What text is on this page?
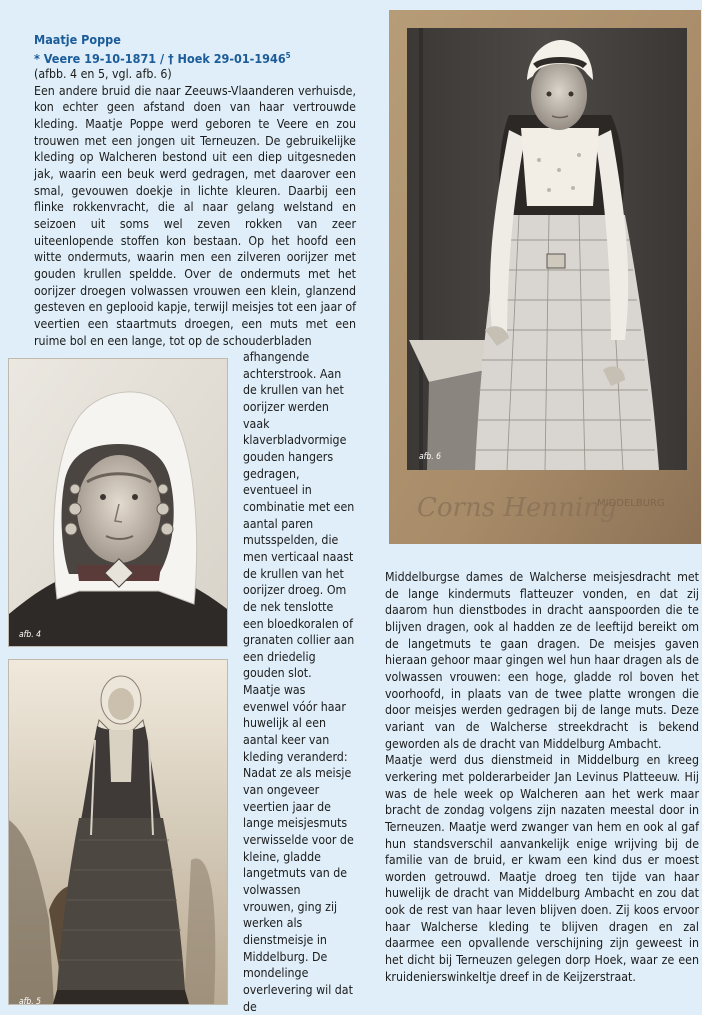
Maatje Poppe
* Veere 19-10-1871 / † Hoek 29-01-1946$^5$

(afbb. 4 en 5, vgl. afb. 6)

Een andere bruid die naar Zeeuws-Vlaanderen verhuisde, kon echter geen afstand doen van haar vertrouwde kleding. Maatje Poppe werd geboren te Veere en zou trouwen met een jongen uit Terneuzen. De gebruikelijke kleding op Walcheren bestond uit een diep uitgesneden jak, waarin een beuk werd gedragen, met daarover een smal, gevouwen doekje in lichte kleuren. Daarbij een flinke rokkenvracht, die al naar gelang welstand en seizoen uit soms wel zeven rokken van zeer uiteenlopende stoffen kon bestaan. Op het hoofd een witte ondermuts, waarin men een zilveren oorijzer met gouden krullen speldde. Over de ondermuts met het oorijzer droegen volwassen vrouwen een klein, glanzend gesteven en geplooid kapje, terwijl meisjes tot een jaar of veertien een staartmuts droegen, een muts met een ruime bol en een lange, tot op de schouderbladen

afhangende achterstrook. Aan de krullen van het oorijzer werden vaak klaverbladvormige gouden hangers gedragen, eventueel in combinatie met een aantal paren mutsspelden, die men verticaal naast de krullen van het oorijzer droeg. Om de nek tenslotte een bloedkoralen of granaten collier aan een driedelig gouden slot.

Maatje was evenwel vóór haar huwelijk al een aantal keer van kleding veranderd: Nadat ze als meisje van ongeveer veertien jaar de lange meisjesmuts verwisselde voor de kleine, gladde langetmuts van de volwassen vrouwen, ging zij werken als dienstmeisje in Middelburg. De mondelinge overlevering wil dat de

Middelburgse dames de Walcherse meisjesdracht met de lange kindermuts flatteuzer vonden, en dat zij daarom hun dienstbodes in dracht aanspoorden die te blijven dragen, ook al hadden ze de leeftijd bereikt om de langetmuts te gaan dragen. De meisjes gaven hieraan gehoor maar gingen wel hun haar dragen als de volwassen vrouwen: een hoge, gladde rol boven het voorhoofd, in plaats van de twee platte wrongen die door meisjes werden gedragen bij de lange muts. Deze variant van de Walcherse streekdracht is bekend geworden als de dracht van Middelburg Ambacht.

Maatje werd dus dienstmeid in Middelburg en kreeg verkering met polderarbeider Jan Levinus Platteeuw. Hij was de hele week op Walcheren aan het werk maar bracht de zondag volgens zijn nazaten meestal door in Terneuzen. Maatje werd zwanger van hem en ook al gaf hun standsverschil aanvankelijk enige wrijving bij de familie van de bruid, er kwam een kind dus er moest worden getrouwd. Maatje droeg ten tijde van haar huwelijk de dracht van Middelburg Ambacht en zou dat ook de rest van haar leven blijven doen. Zij koos ervoor haar Walcherse kleding te blijven dragen en zal daarmee een opvallende verschijning zijn geweest in het dicht bij Terneuzen gelegen dorp Hoek, waar ze een kruidenierswinkeltje dreef in de Keijzerstraat.

afb. 4
afb. 5
Corns Henning
MIDDELBURG
afb. 6
